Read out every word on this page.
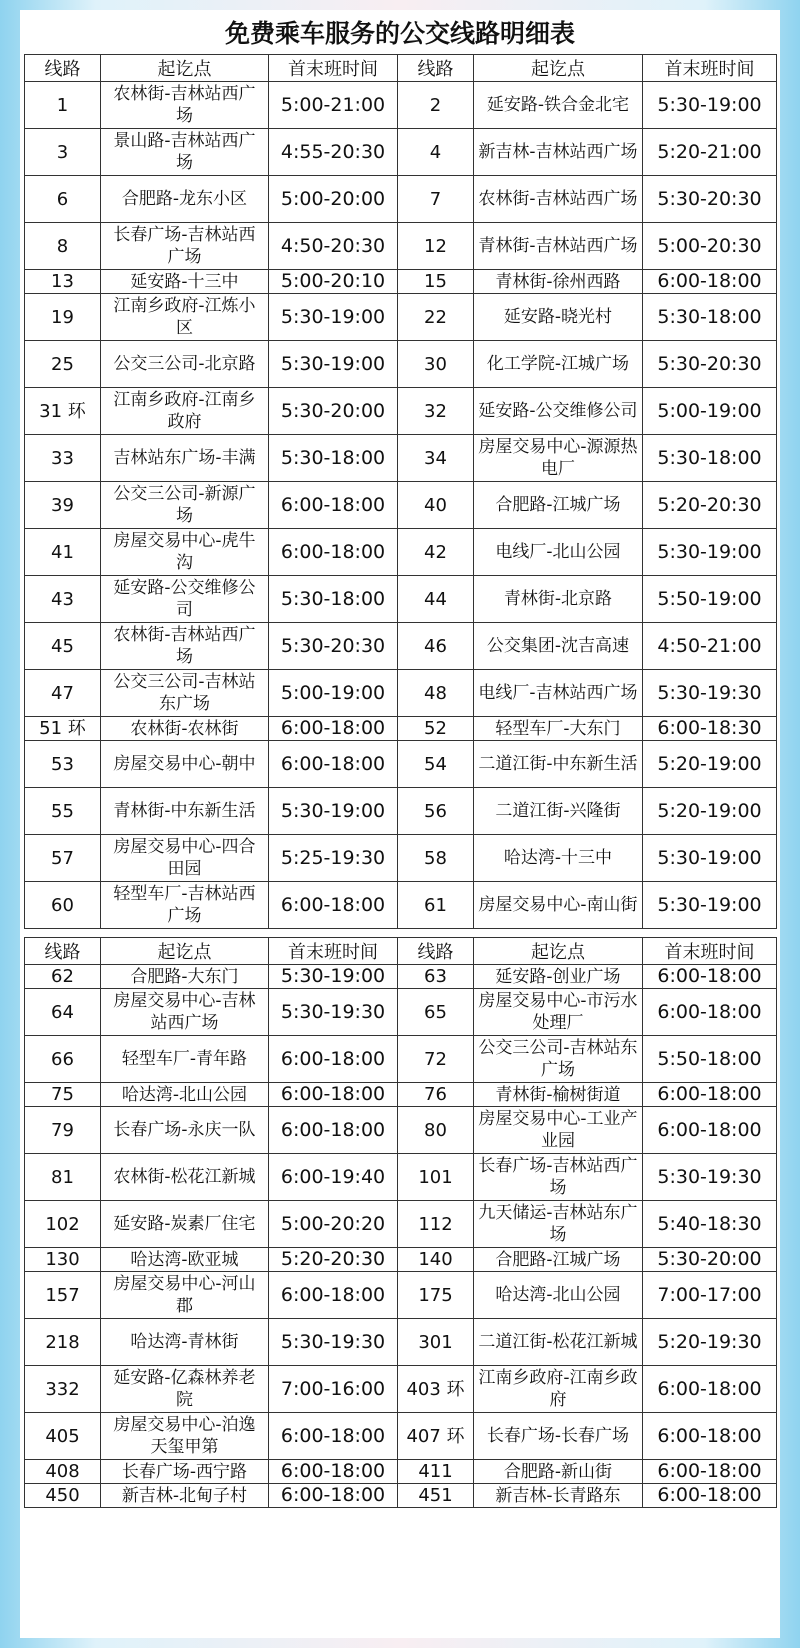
免费乘车服务的公交线路明细表
线路	起讫点	首末班时间	线路	起讫点	首末班时间
1	农林街-吉林站西广场	5:00-21:00	2	延安路-铁合金北宅	5:30-19:00
3	景山路-吉林站西广场	4:55-20:30	4	新吉林-吉林站西广场	5:20-21:00
6	合肥路-龙东小区	5:00-20:00	7	农林街-吉林站西广场	5:30-20:30
8	长春广场-吉林站西广场	4:50-20:30	12	青林街-吉林站西广场	5:00-20:30
13	延安路-十三中	5:00-20:10	15	青林街-徐州西路	6:00-18:00
19	江南乡政府-江炼小区	5:30-19:00	22	延安路-晓光村	5:30-18:00
25	公交三公司-北京路	5:30-19:00	30	化工学院-江城广场	5:30-20:30
31 环	江南乡政府-江南乡政府	5:30-20:00	32	延安路-公交维修公司	5:00-19:00
33	吉林站东广场-丰满	5:30-18:00	34	房屋交易中心-源源热电厂	5:30-18:00
39	公交三公司-新源广场	6:00-18:00	40	合肥路-江城广场	5:20-20:30
41	房屋交易中心-虎牛沟	6:00-18:00	42	电线厂-北山公园	5:30-19:00
43	延安路-公交维修公司	5:30-18:00	44	青林街-北京路	5:50-19:00
45	农林街-吉林站西广场	5:30-20:30	46	公交集团-沈吉高速	4:50-21:00
47	公交三公司-吉林站东广场	5:00-19:00	48	电线厂-吉林站西广场	5:30-19:30
51 环	农林街-农林街	6:00-18:00	52	轻型车厂-大东门	6:00-18:30
53	房屋交易中心-朝中	6:00-18:00	54	二道江街-中东新生活	5:20-19:00
55	青林街-中东新生活	5:30-19:00	56	二道江街-兴隆街	5:20-19:00
57	房屋交易中心-四合田园	5:25-19:30	58	哈达湾-十三中	5:30-19:00
60	轻型车厂-吉林站西广场	6:00-18:00	61	房屋交易中心-南山街	5:30-19:00
线路	起讫点	首末班时间	线路	起讫点	首末班时间
62	合肥路-大东门	5:30-19:00	63	延安路-创业广场	6:00-18:00
64	房屋交易中心-吉林站西广场	5:30-19:30	65	房屋交易中心-市污水处理厂	6:00-18:00
66	轻型车厂-青年路	6:00-18:00	72	公交三公司-吉林站东广场	5:50-18:00
75	哈达湾-北山公园	6:00-18:00	76	青林街-榆树街道	6:00-18:00
79	长春广场-永庆一队	6:00-18:00	80	房屋交易中心-工业产业园	6:00-18:00
81	农林街-松花江新城	6:00-19:40	101	长春广场-吉林站西广场	5:30-19:30
102	延安路-炭素厂住宅	5:00-20:20	112	九天储运-吉林站东广场	5:40-18:30
130	哈达湾-欧亚城	5:20-20:30	140	合肥路-江城广场	5:30-20:00
157	房屋交易中心-河山郡	6:00-18:00	175	哈达湾-北山公园	7:00-17:00
218	哈达湾-青林街	5:30-19:30	301	二道江街-松花江新城	5:20-19:30
332	延安路-亿森林养老院	7:00-16:00	403 环	江南乡政府-江南乡政府	6:00-18:00
405	房屋交易中心-泊逸天玺甲第	6:00-18:00	407 环	长春广场-长春广场	6:00-18:00
408	长春广场-西宁路	6:00-18:00	411	合肥路-新山街	6:00-18:00
450	新吉林-北甸子村	6:00-18:00	451	新吉林-长青路东	6:00-18:00
